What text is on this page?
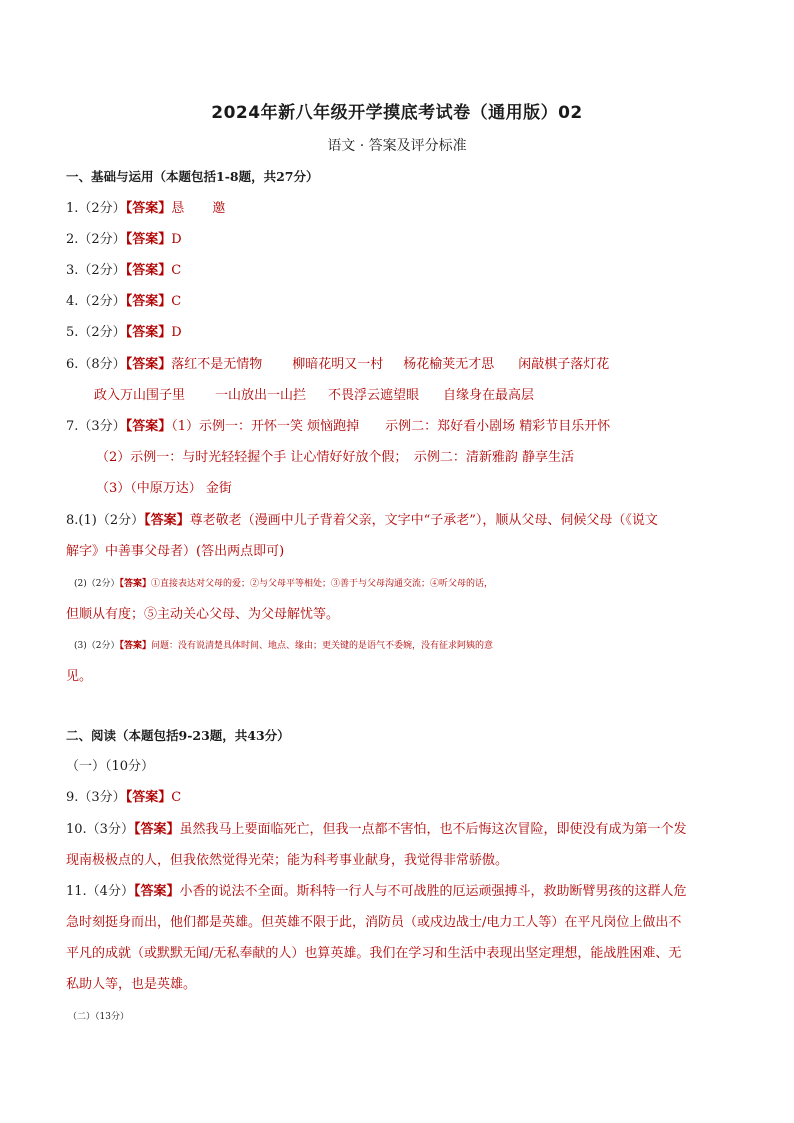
2024年新八年级开学摸底考试卷（通用版）02
语文 · 答案及评分标准
一、基础与运用（本题包括1-8题，共27分）
1.（2分）【答案】恳 邀
2.（2分）【答案】D
3.（2分）【答案】C
4.（2分）【答案】C
5.（2分）【答案】D
6.（8分）【答案】落红不是无情物 柳暗花明又一村 杨花榆荚无才思 闲敲棋子落灯花
政入万山围子里 一山放出一山拦 不畏浮云遮望眼 自缘身在最高层
7.（3分）【答案】（1）示例一：开怀一笑 烦恼跑掉　　示例二：郑好看小剧场 精彩节目乐开怀
（2）示例一：与时光轻轻握个手 让心情好好放个假；　示例二：清新雅韵 静享生活
（3）（中原万达） 金街
8.(1)（2分）【答案】尊老敬老（漫画中儿子背着父亲，文字中“子承老”），顺从父母、伺候父母（《说文
解字》中善事父母者）(答出两点即可)
(2)（2分）【答案】①直接表达对父母的爱；②与父母平等相处；③善于与父母沟通交流；④听父母的话，
但顺从有度；⑤主动关心父母、为父母解忧等。
(3)（2分）【答案】问题：没有说清楚具体时间、地点、缘由；更关键的是语气不委婉，没有征求阿姨的意
见。
二、阅读（本题包括9-23题，共43分）
（一）（10分）
9.（3分）【答案】C
10.（3分）【答案】虽然我马上要面临死亡，但我一点都不害怕，也不后悔这次冒险，即使没有成为第一个发
现南极极点的人，但我依然觉得光荣；能为科考事业献身，我觉得非常骄傲。
11.（4分）【答案】小香的说法不全面。斯科特一行人与不可战胜的厄运顽强搏斗，救助断臂男孩的这群人危
急时刻挺身而出，他们都是英雄。但英雄不限于此，消防员（或戍边战士/电力工人等）在平凡岗位上做出不
平凡的成就（或默默无闻/无私奉献的人）也算英雄。我们在学习和生活中表现出坚定理想，能战胜困难、无
私助人等，也是英雄。
（二）（13分）
